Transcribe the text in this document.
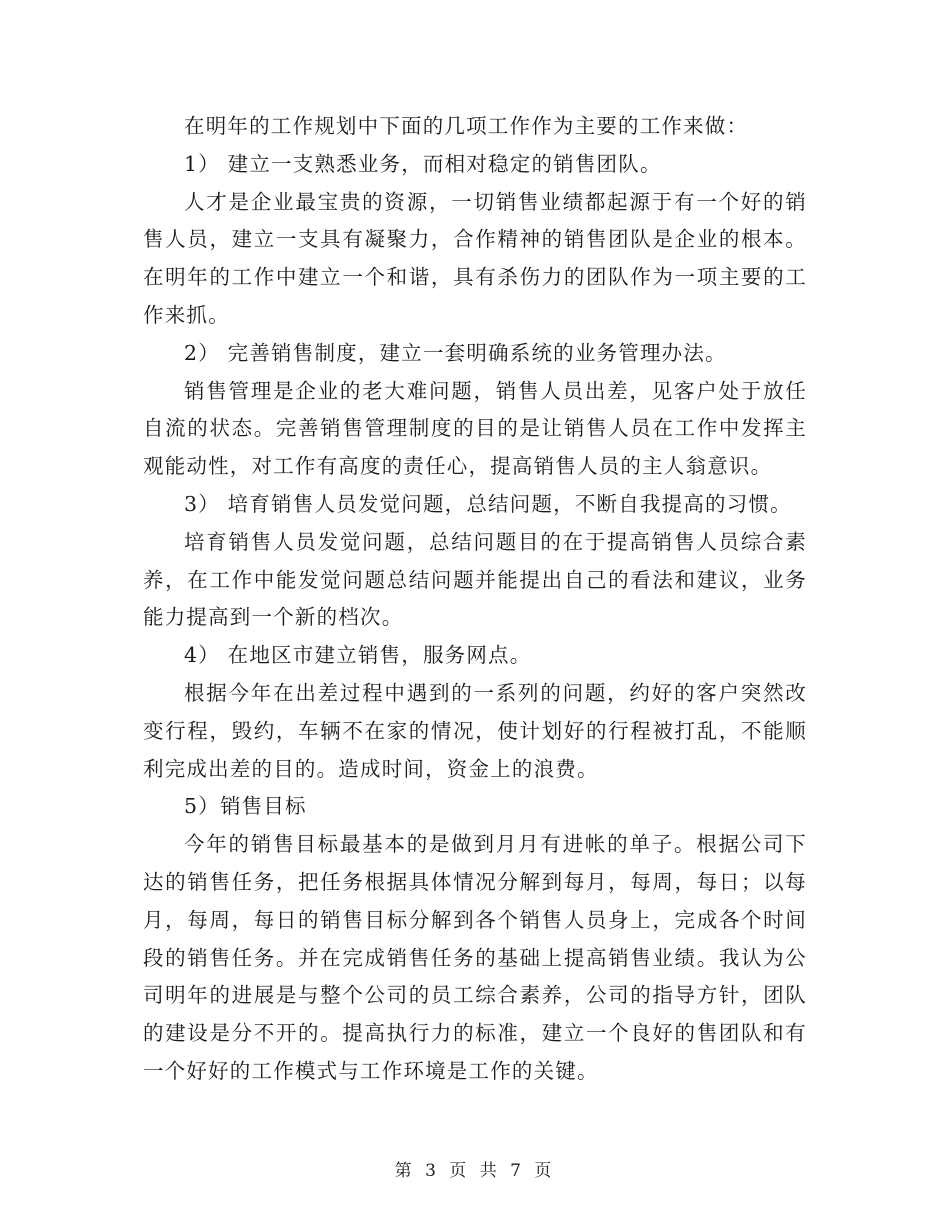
在明年的工作规划中下面的几项工作作为主要的工作来做：

1） 建立一支熟悉业务，而相对稳定的销售团队。

人才是企业最宝贵的资源，一切销售业绩都起源于有一个好的销售人员，建立一支具有凝聚力，合作精神的销售团队是企业的根本。在明年的工作中建立一个和谐，具有杀伤力的团队作为一项主要的工作来抓。

2） 完善销售制度，建立一套明确系统的业务管理办法。

销售管理是企业的老大难问题，销售人员出差，见客户处于放任自流的状态。完善销售管理制度的目的是让销售人员在工作中发挥主观能动性，对工作有高度的责任心，提高销售人员的主人翁意识。

3） 培育销售人员发觉问题，总结问题，不断自我提高的习惯。

培育销售人员发觉问题，总结问题目的在于提高销售人员综合素养，在工作中能发觉问题总结问题并能提出自己的看法和建议，业务能力提高到一个新的档次。

4） 在地区市建立销售，服务网点。

根据今年在出差过程中遇到的一系列的问题，约好的客户突然改变行程，毁约，车辆不在家的情况，使计划好的行程被打乱，不能顺利完成出差的目的。造成时间，资金上的浪费。

5）销售目标

今年的销售目标最基本的是做到月月有进帐的单子。根据公司下达的销售任务，把任务根据具体情况分解到每月，每周，每日；以每月，每周，每日的销售目标分解到各个销售人员身上，完成各个时间段的销售任务。并在完成销售任务的基础上提高销售业绩。我认为公司明年的进展是与整个公司的员工综合素养，公司的指导方针，团队的建设是分不开的。提高执行力的标准，建立一个良好的售团队和有一个好好的工作模式与工作环境是工作的关键。

第 3 页 共 7 页
